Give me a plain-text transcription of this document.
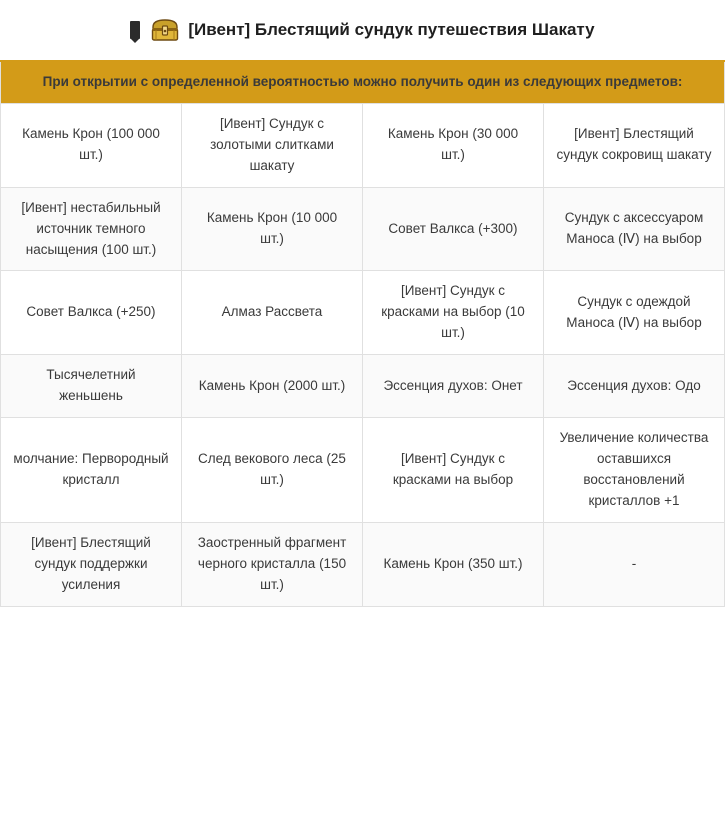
[Ивент] Блестящий сундук путешествия Шакату
При открытии с определенной вероятностью можно получить один из следующих предметов:			
Камень Крон (100 000 шт.)	[Ивент] Сундук с золотыми слитками шакату	Камень Крон (30 000 шт.)	[Ивент] Блестящий сундук сокровищ шакату
[Ивент] нестабильный источник темного насыщения (100 шт.)	Камень Крон (10 000 шт.)	Совет Валкса (+300)	Сундук с аксессуаром Маноса (Ⅳ) на выбор
Совет Валкса (+250)	Алмаз Рассвета	[Ивент] Сундук с красками на выбор (10 шт.)	Сундук с одеждой Маноса (Ⅳ) на выбор
Тысячелетний женьшень	Камень Крон (2000 шт.)	Эссенция духов: Онет	Эссенция духов: Одо
молчание: Первородный кристалл	След векового леса (25 шт.)	[Ивент] Сундук с красками на выбор	Увеличение количества оставшихся восстановлений кристаллов +1
[Ивент] Блестящий сундук поддержки усиления	Заостренный фрагмент черного кристалла (150 шт.)	Камень Крон (350 шт.)	-
